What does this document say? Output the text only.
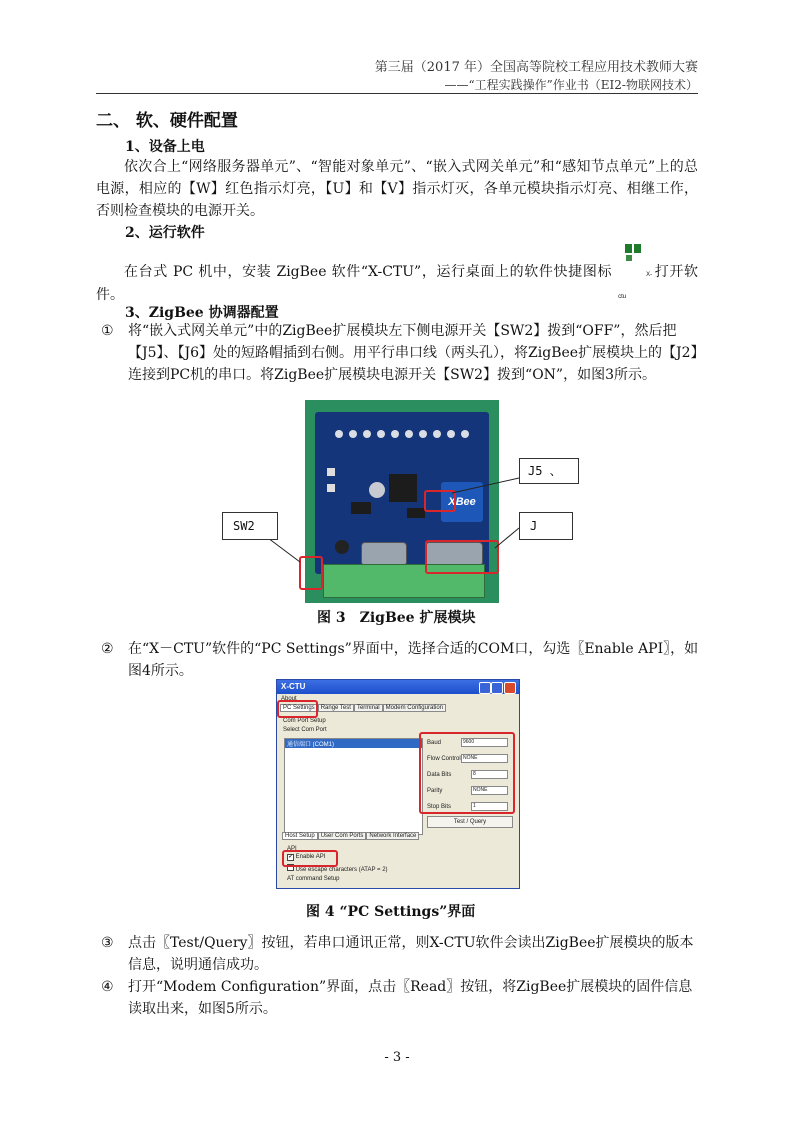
第三届（2017 年）全国高等院校工程应用技术教师大赛
——“工程实践操作”作业书（EI2-物联网技术）
二、 软、硬件配置
1、设备上电
依次合上“网络服务器单元”、“智能对象单元”、“嵌入式网关单元”和“感知节点单元”上的总电源，相应的【W】红色指示灯亮，【U】和【V】指示灯灭，各单元模块指示灯亮、相继工作，否则检查模块的电源开关。
2、运行软件
在台式 PC 机中，安装 ZigBee 软件“X-CTU”，运行桌面上的软件快捷图标	X-ctu
打开软件。
3、ZigBee 协调器配置
① 将“嵌入式网关单元”中的ZigBee扩展模块左下侧电源开关【SW2】拨到“OFF”，然后把【J5】、【J6】处的短路帽插到右侧。用平行串口线（两头孔），将ZigBee扩展模块上的【J2】连接到PC机的串口。将ZigBee扩展模块电源开关【SW2】拨到“ON”，如图3所示。
XBee
J5 、
SW2	J
图 3　ZigBee 扩展模块
② 在“X－CTU”软件的“PC Settings”界面中，选择合适的COM口，勾选〖Enable API〗，如图4所示。
X-CTU
About
PC Settings Range Test Terminal Modem Configuration
Com Port Setup
Select Com Port
通信端口 (COM1)	Baud	9600
Flow Control NONE
Data Bits	8
Parity	NONE
Stop Bits	1
Test / Query
Host Setup User Com Ports Network Interface
API
✔ Enable API
Use escape characters (ATAP = 2)
AT command Setup
图 4 “PC Settings”界面
③ 点击〖Test/Query〗按钮，若串口通讯正常，则X-CTU软件会读出ZigBee扩展模块的版本信息，说明通信成功。
④ 打开“Modem Configuration”界面，点击〖Read〗按钮，将ZigBee扩展模块的固件信息读取出来，如图5所示。
- 3 -
